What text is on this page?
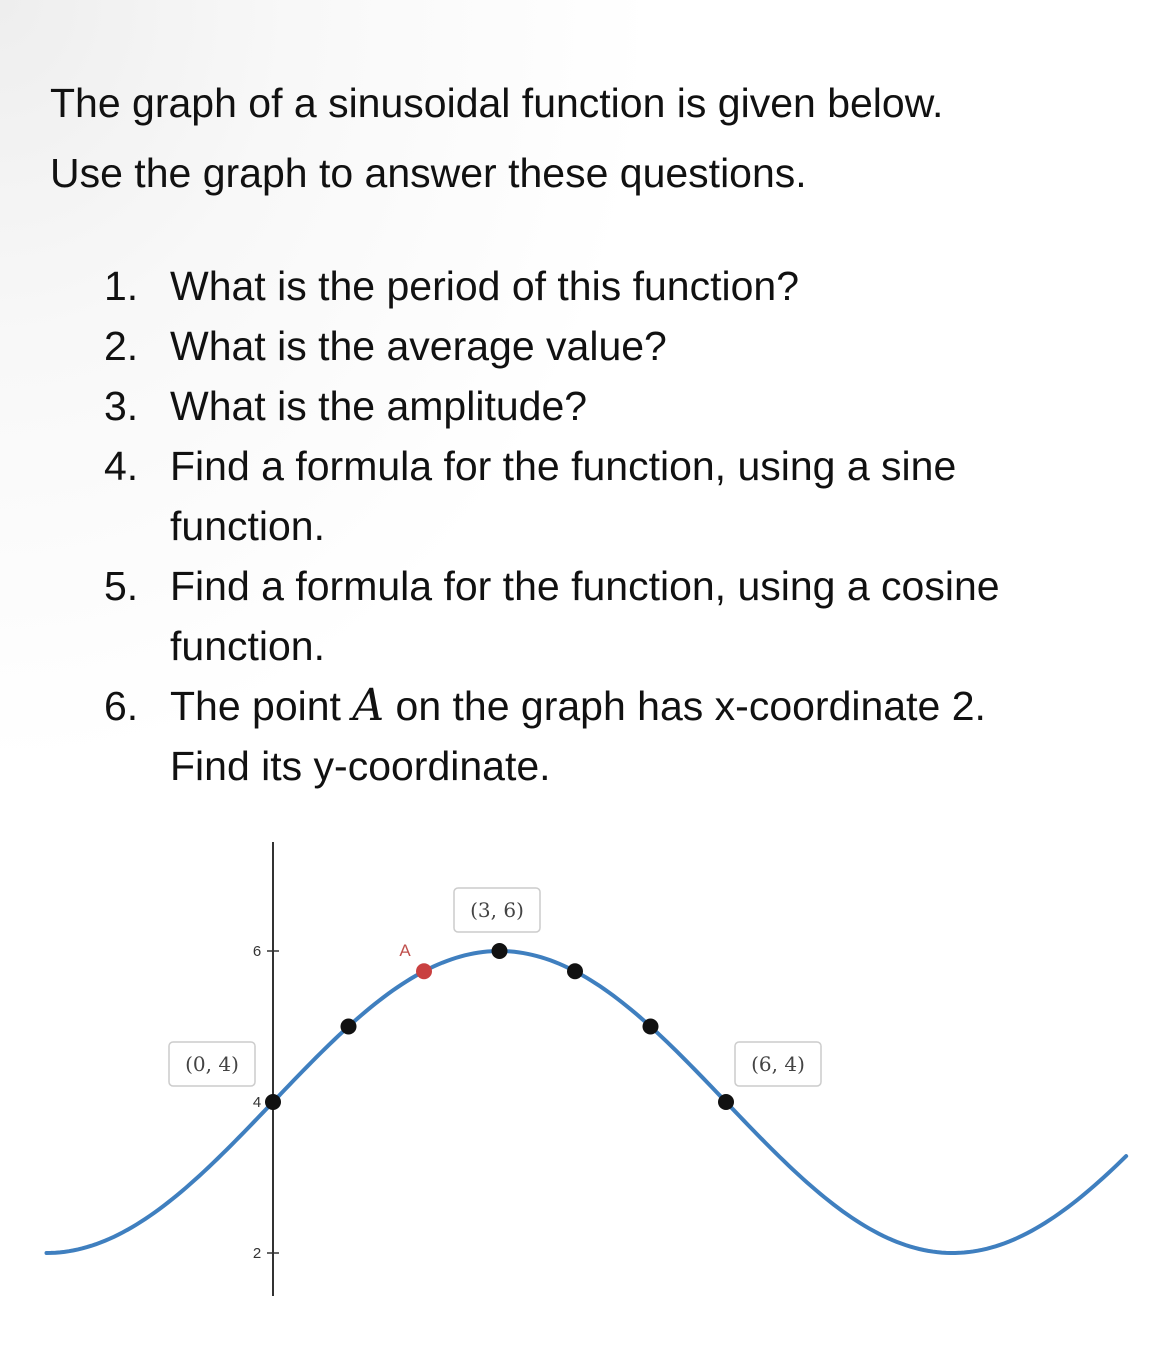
The graph of a sinusoidal function is given below.
Use the graph to answer these questions.
1. What is the period of this function?
2. What is the average value?
3. What is the amplitude?
4. Find a formula for the function, using a sine
function.
5. Find a formula for the function, using a cosine
function.
6. The point A on the graph has x-coordinate 2.
Find its y-coordinate.
2
4
6
(0, 4)
(3, 6)
(6, 4)
A
